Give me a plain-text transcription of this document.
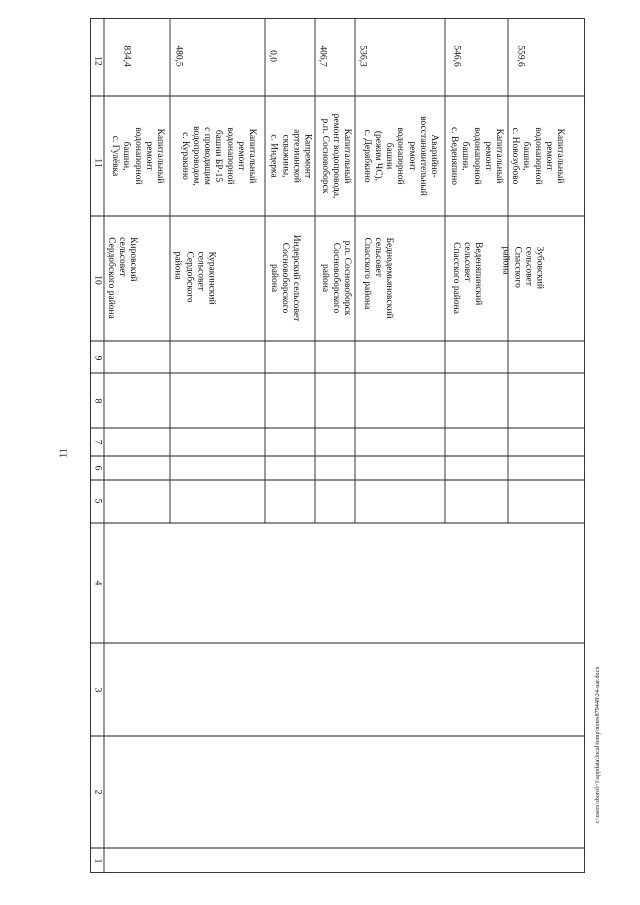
11
c:\users\sborol~1\appdata\local\temp\notes879448\24-uar.docx
12
11
10
9
8
7
6
5
4
3
2
1
834,4
Капитальный
ремонт
водонапорной
башни,
с. Гулёвка
Кировский
сельсовет
Сердобского района
480,5
Капитальный
ремонт
водонапорной
башни БР-15
с проводящим
водопроводом,
с. Куракино
Куракинский
сельсовет
Сердобского
района
0,0
Капремонт
артезианской
скважины,
с. Индерка
Индерский сельсовет
Сосновоборского
района
406,7
Капитальный
ремонт водопровода,
р.п. Сосновоборск
р.п. Сосновоборск
Сосновоборского
района
536,3
Аварийно-
восстановительный
ремонт
водонапорной
башни
(режим ЧС),
с. Дерябкино
Беднодемьяновский
сельсовет
Спасского района
546,6
Капитальный
ремонт
водонапорной
башни,
с. Веденяпино
Веденяпинский
сельсовет
Спасского района
559,6
Капитальный
ремонт
водонапорной
башни,
с. Новозубово
Зубовский сельсовет
Спасского района
